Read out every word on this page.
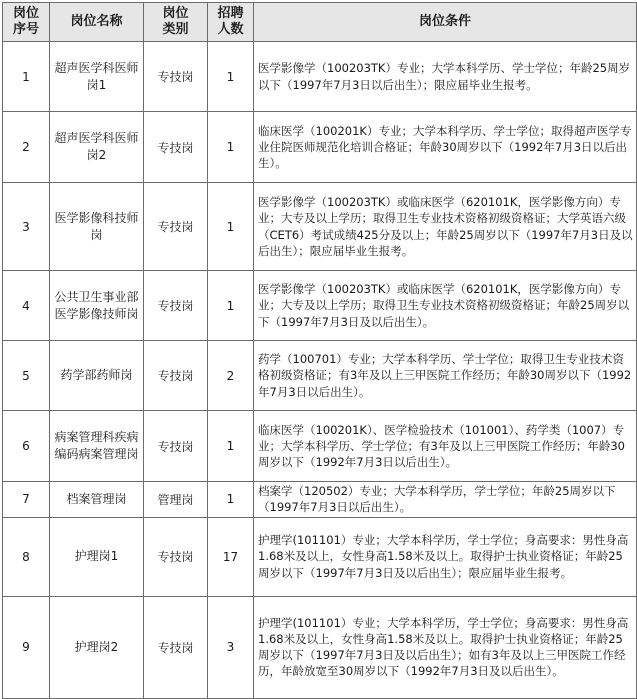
岗位序号	岗位名称	岗位类别	招聘人数	岗位条件
1	超声医学科医师岗1	专技岗	1	医学影像学（100203TK）专业；大学本科学历、学士学位；年龄25周岁以下（1997年7月3日以后出生）；限应届毕业生报考。
2	超声医学科医师岗2	专技岗	1	临床医学（100201K）专业；大学本科学历、学士学位；取得超声医学专业住院医师规范化培训合格证；年龄30周岁以下（1992年7月3日以后出生）。
3	医学影像科技师岗	专技岗	1	医学影像学（100203TK）或临床医学（620101K，医学影像方向）专业；大专及以上学历；取得卫生专业技术资格初级资格证；大学英语六级（CET6）考试成绩425分及以上；年龄25周岁以下（1997年7月3日及以后出生）；限应届毕业生报考。
4	公共卫生事业部医学影像技师岗	专技岗	1	医学影像学（100203TK）或临床医学（620101K，医学影像方向）专业；大专及以上学历；取得卫生专业技术资格初级资格证；年龄25周岁以下（1997年7月3日及以后出生）。
5	药学部药师岗	专技岗	2	药学（100701）专业；大学本科学历、学士学位；取得卫生专业技术资格初级资格证；有3年及以上三甲医院工作经历；年龄30周岁以下（1992年7月3日以后出生）。
6	病案管理科疾病编码病案管理岗	专技岗	1	临床医学（100201K）、医学检验技术（101001）、药学类（1007）专业；大学本科学历、学士学位；有3年及以上三甲医院工作经历；年龄30周岁以下（1992年7月3日以后出生）。
7	档案管理岗	管理岗	1	档案学（120502）专业；大学本科学历，学士学位；年龄25周岁以下（1997年7月3日以后出生）。
8	护理岗1	专技岗	17	护理学(101101）专业；大学本科学历，学士学位；身高要求：男性身高1.68米及以上，女性身高1.58米及以上。取得护士执业资格证；年龄25周岁以下（1997年7月3日及以后出生）；限应届毕业生报考。
9	护理岗2	专技岗	3	护理学(101101）专业；大学本科学历，学士学位；身高要求：男性身高1.68米及以上，女性身高1.58米及以上。取得护士执业资格证；年龄25周岁以下（1997年7月3日及以后出生）；如有3年及以上三甲医院工作经历，年龄放宽至30周岁以下（1992年7月3日及以后出生）。
